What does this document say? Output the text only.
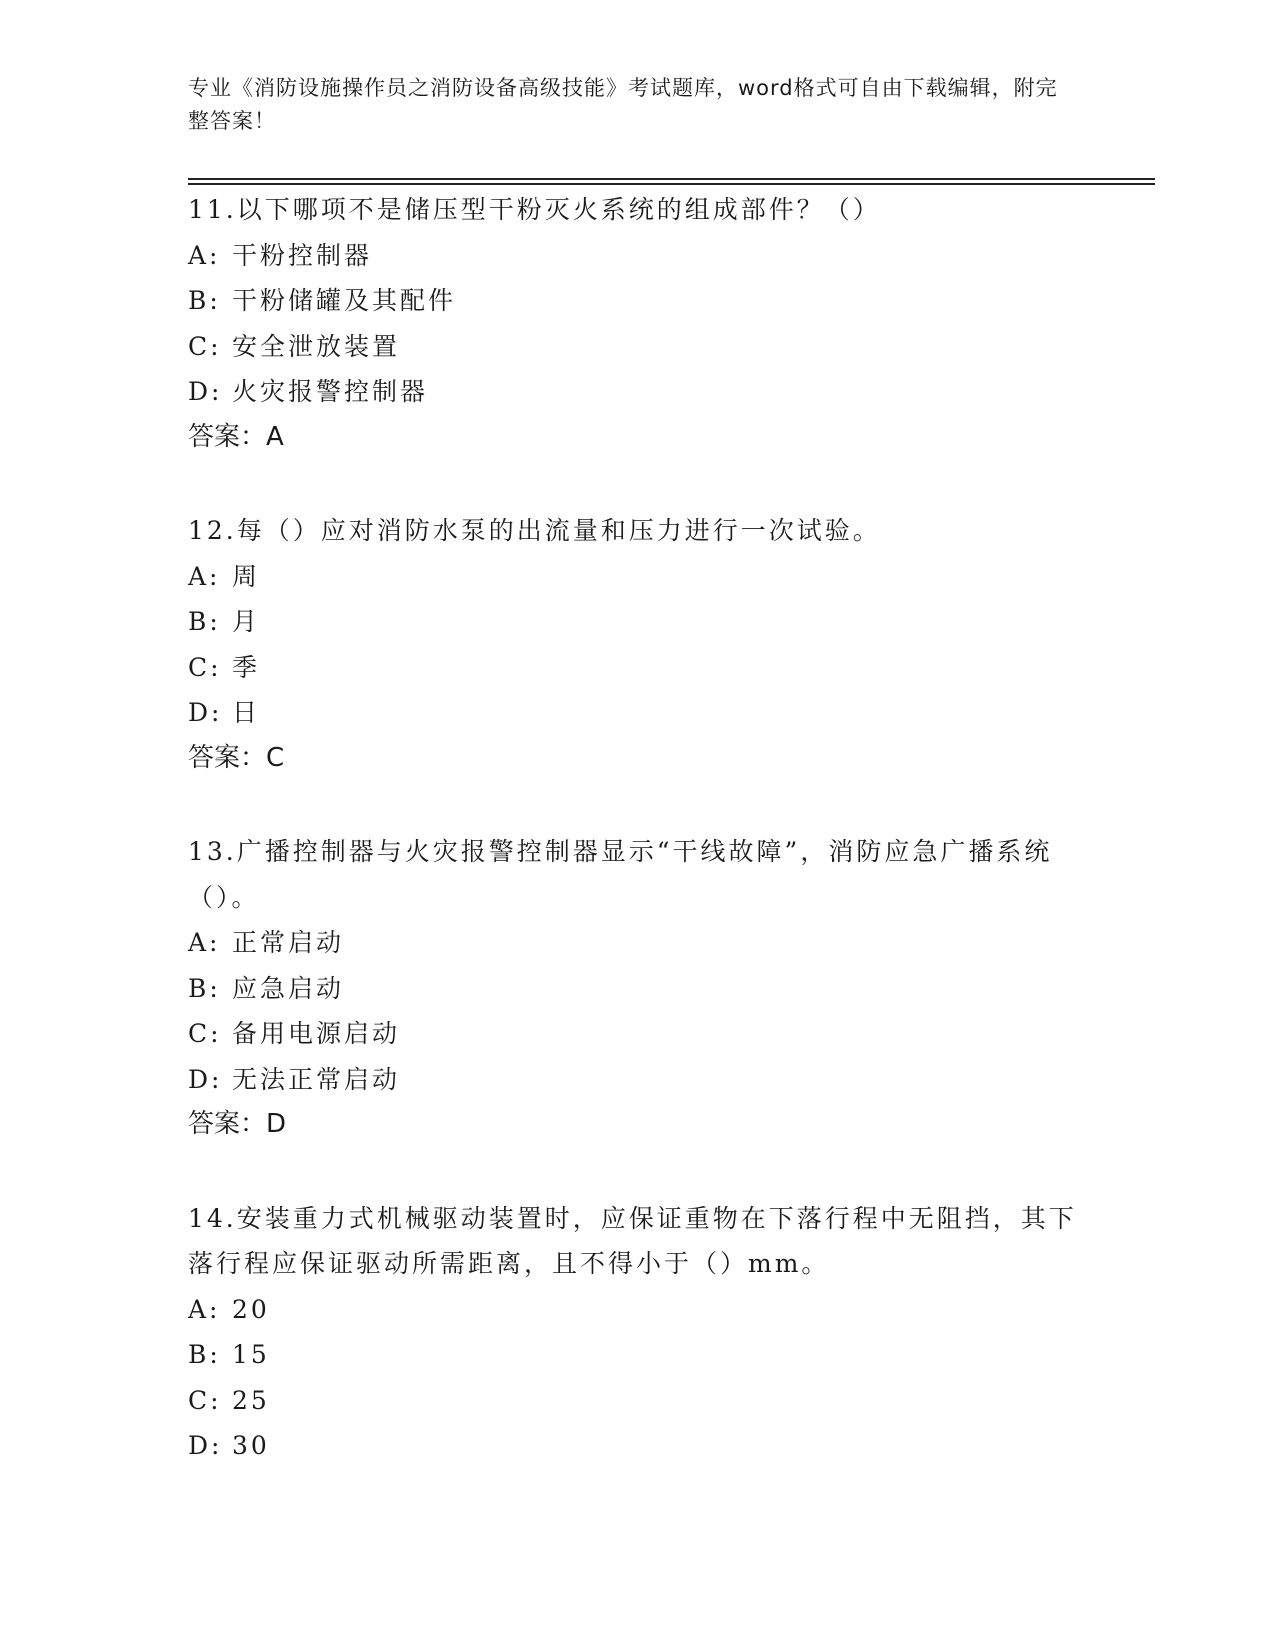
专业《消防设施操作员之消防设备高级技能》考试题库，word格式可自由下载编辑，附完整答案！
11.以下哪项不是储压型干粉灭火系统的组成部件？（）
A: 干粉控制器
B: 干粉储罐及其配件
C: 安全泄放装置
D: 火灾报警控制器
答案：A
12.每（）应对消防水泵的出流量和压力进行一次试验。
A: 周
B: 月
C: 季
D: 日
答案：C
13.广播控制器与火灾报警控制器显示“干线故障”，消防应急广播系统（）。
A: 正常启动
B: 应急启动
C: 备用电源启动
D: 无法正常启动
答案：D
14.安装重力式机械驱动装置时，应保证重物在下落行程中无阻挡，其下落行程应保证驱动所需距离，且不得小于（）mm。
A: 20
B: 15
C: 25
D: 30
